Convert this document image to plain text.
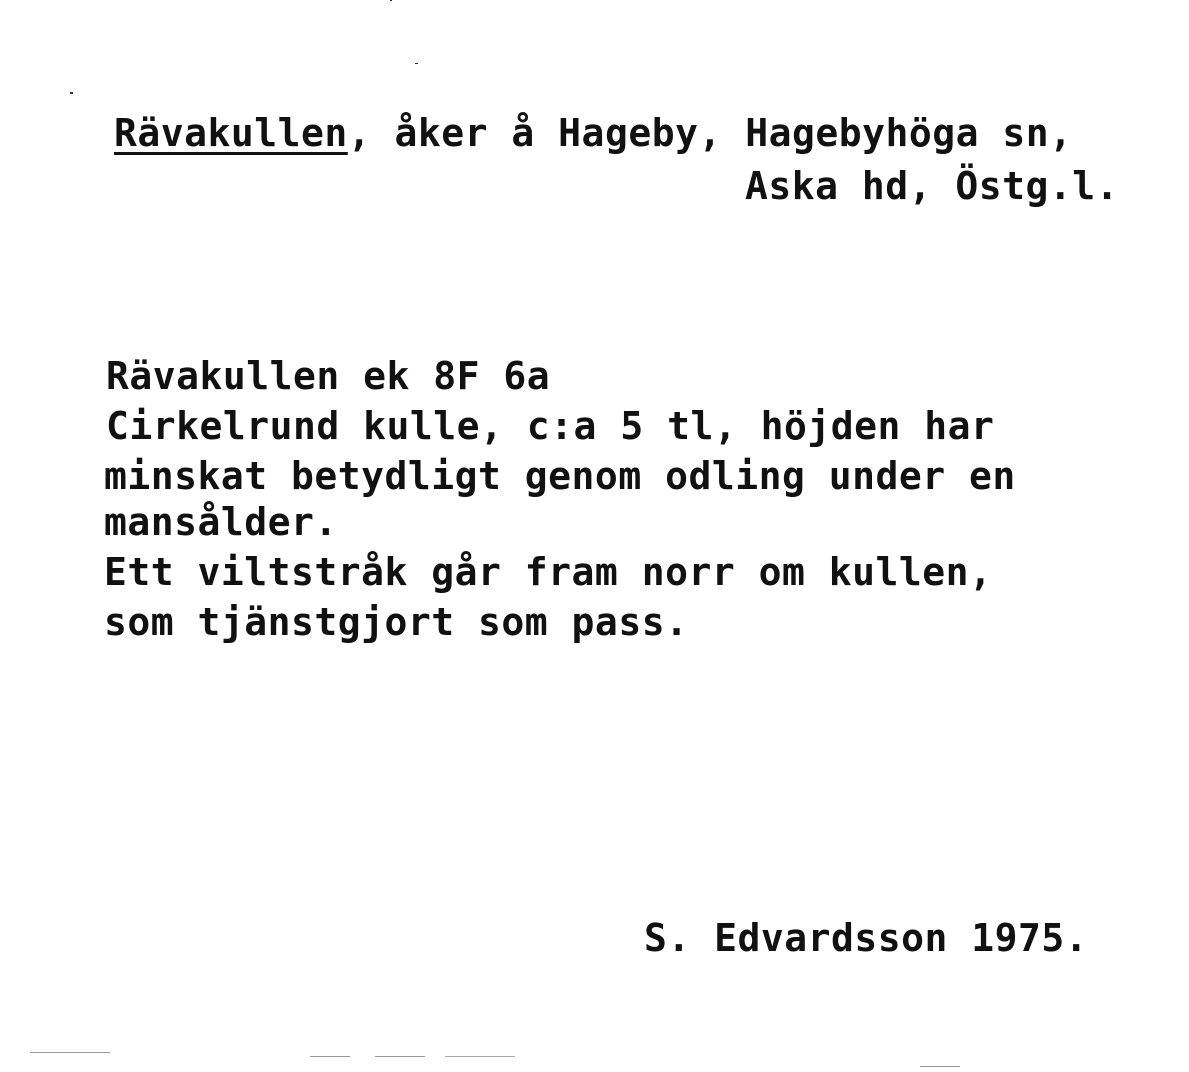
Rävakullen, åker å Hageby, Hagebyhöga sn,
Aska hd, Östg.l.
Rävakullen ek 8F 6a
Cirkelrund kulle, c:a 5 tl, höjden har
minskat betydligt genom odling under en
mansålder.
Ett viltstråk går fram norr om kullen,
som tjänstgjort som pass.
S. Edvardsson 1975.
